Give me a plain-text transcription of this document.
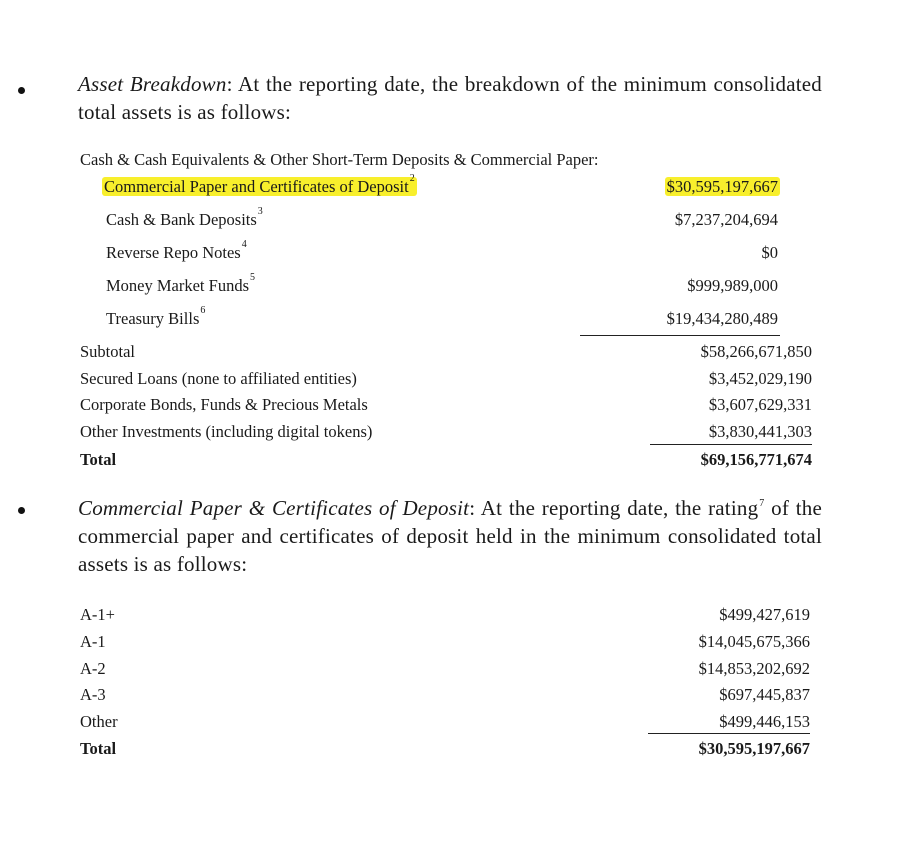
Asset Breakdown: At the reporting date, the breakdown of the minimum consolidated total assets is as follows:
Cash & Cash Equivalents & Other Short-Term Deposits & Commercial Paper:
Commercial Paper and Certificates of Deposit$^2$	$30,595,197,667
Cash & Bank Deposits$^3$	$7,237,204,694
Reverse Repo Notes$^4$	$0
Money Market Funds$^5$	$999,989,000
Treasury Bills$^6$	$19,434,280,489
Subtotal	$58,266,671,850
Secured Loans (none to affiliated entities)	$3,452,029,190
Corporate Bonds, Funds & Precious Metals	$3,607,629,331
Other Investments (including digital tokens)	$3,830,441,303
Total	$69,156,771,674
Commercial Paper & Certificates of Deposit: At the reporting date, the rating$^7$ of the commercial paper and certificates of deposit held in the minimum consolidated total assets is as follows:
A-1+	$499,427,619
A-1	$14,045,675,366
A-2	$14,853,202,692
A-3	$697,445,837
Other	$499,446,153
Total	$30,595,197,667
